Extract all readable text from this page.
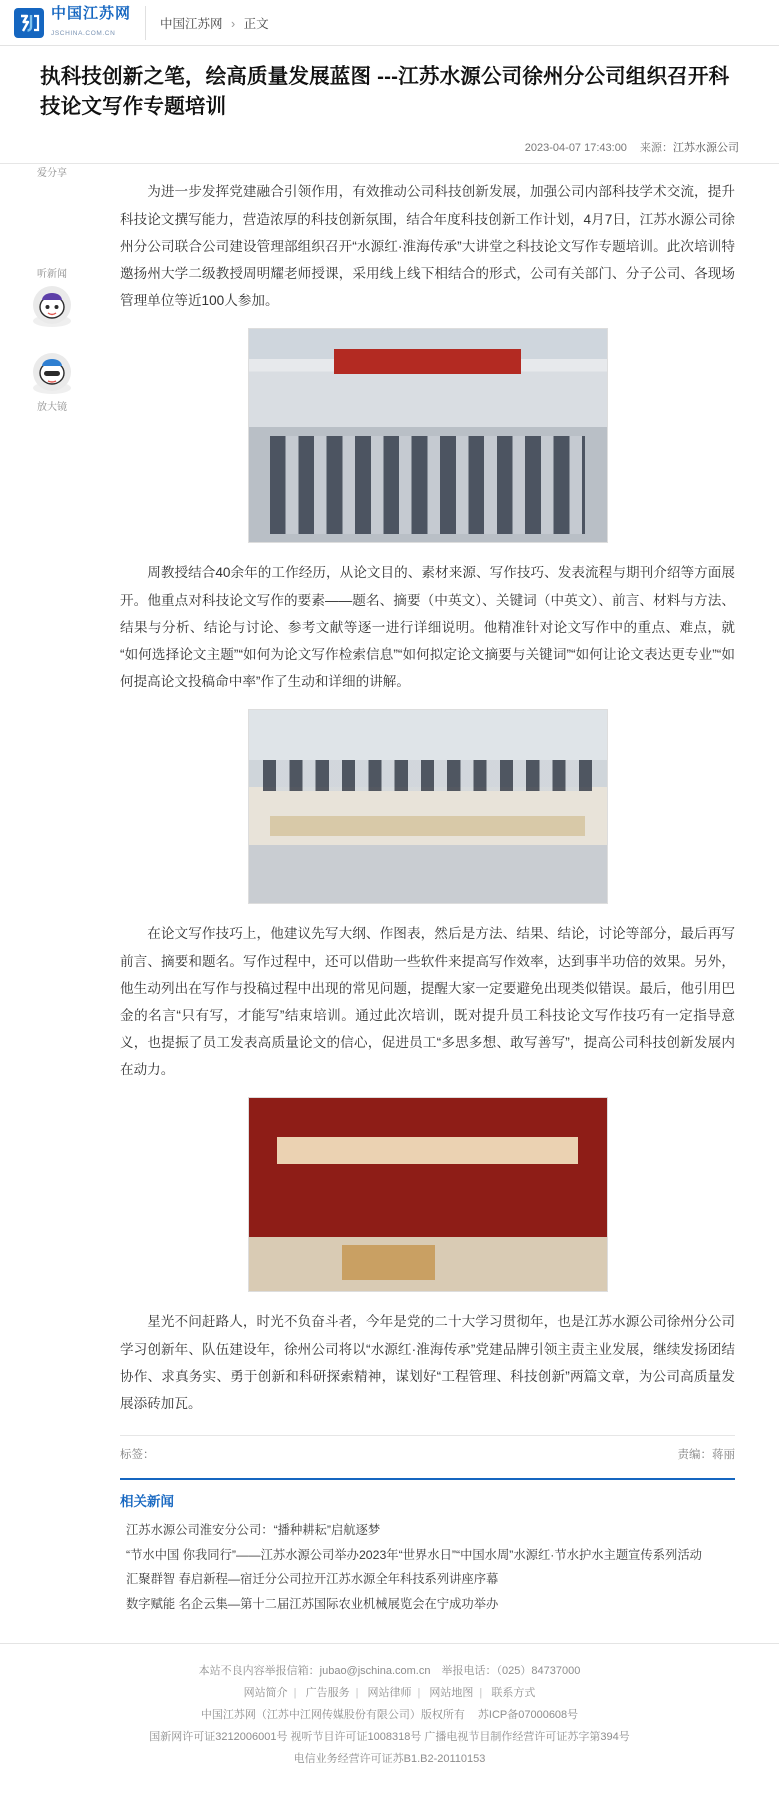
中国江苏网
JSCHINA.COM.CN
中国江苏网 › 正文
执科技创新之笔，绘高质量发展蓝图 ---江苏水源公司徐州分公司组织召开科技论文写作专题培训
2023-04-07 17:43:00 来源：江苏水源公司
爱分享
听新闻
放大镜

为进一步发挥党建融合引领作用，有效推动公司科技创新发展，加强公司内部科技学术交流，提升科技论文撰写能力，营造浓厚的科技创新氛围，结合年度科技创新工作计划，4月7日，江苏水源公司徐州分公司联合公司建设管理部组织召开“水源红·淮海传承”大讲堂之科技论文写作专题培训。此次培训特邀扬州大学二级教授周明耀老师授课，采用线上线下相结合的形式，公司有关部门、分子公司、各现场管理单位等近100人参加。

周教授结合40余年的工作经历，从论文目的、素材来源、写作技巧、发表流程与期刊介绍等方面展开。他重点对科技论文写作的要素——题名、摘要（中英文）、关键词（中英文）、前言、材料与方法、结果与分析、结论与讨论、参考文献等逐一进行详细说明。他精准针对论文写作中的重点、难点，就“如何选择论文主题”“如何为论文写作检索信息”“如何拟定论文摘要与关键词”“如何让论文表达更专业”“如何提高论文投稿命中率”作了生动和详细的讲解。

在论文写作技巧上，他建议先写大纲、作图表，然后是方法、结果、结论，讨论等部分，最后再写前言、摘要和题名。写作过程中，还可以借助一些软件来提高写作效率，达到事半功倍的效果。另外，他生动列出在写作与投稿过程中出现的常见问题，提醒大家一定要避免出现类似错误。最后，他引用巴金的名言“只有写，才能写”结束培训。通过此次培训，既对提升员工科技论文写作技巧有一定指导意义，也提振了员工发表高质量论文的信心，促进员工“多思多想、敢写善写”，提高公司科技创新发展内在动力。

星光不问赶路人，时光不负奋斗者，今年是党的二十大学习贯彻年，也是江苏水源公司徐州分公司学习创新年、队伍建设年，徐州公司将以“水源红·淮海传承”党建品牌引领主责主业发展，继续发扬团结协作、求真务实、勇于创新和科研探索精神，谋划好“工程管理、科技创新”两篇文章，为公司高质量发展添砖加瓦。

标签：	责编：蒋丽
相关新闻
江苏水源公司淮安分公司：“播种耕耘”启航逐梦
“节水中国 你我同行”——江苏水源公司举办2023年“世界水日”“中国水周”水源红·节水护水主题宣传系列活动
汇聚群智 春启新程—宿迁分公司拉开江苏水源全年科技系列讲座序幕
数字赋能 名企云集—第十二届江苏国际农业机械展览会在宁成功举办
本站不良内容举报信箱：jubao@jschina.com.cn 举报电话：（025）84737000
网站简介 | 广告服务 | 网站律师 | 网站地图 | 联系方式
中国江苏网（江苏中江网传媒股份有限公司）版权所有 苏ICP备07000608号
国新网许可证3212006001号 视听节目许可证1008318号 广播电视节目制作经营许可证苏字第394号
电信业务经营许可证苏B1.B2-20110153
